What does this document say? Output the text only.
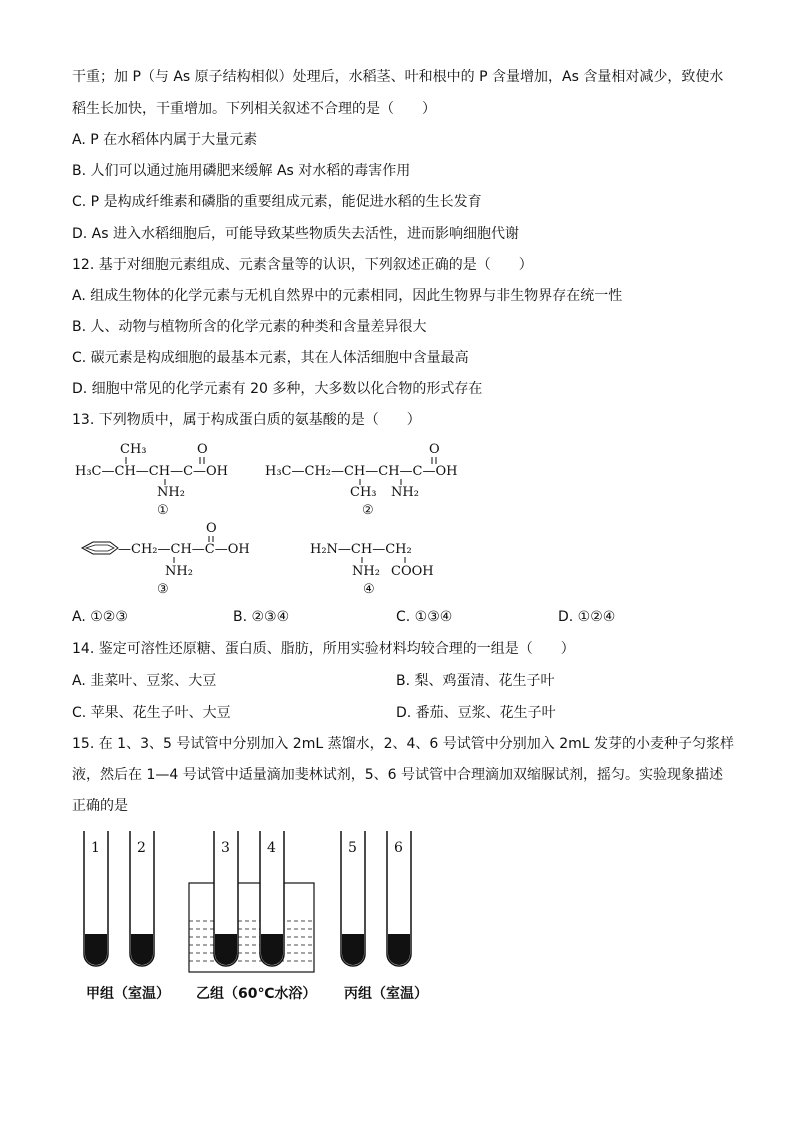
干重；加 P（与 As 原子结构相似）处理后，水稻茎、叶和根中的 P 含量增加，As 含量相对减少，致使水
稻生长加快，干重增加。下列相关叙述不合理的是（　　）
A. P 在水稻体内属于大量元素
B. 人们可以通过施用磷肥来缓解 As 对水稻的毒害作用
C. P 是构成纤维素和磷脂的重要组成元素，能促进水稻的生长发育
D. As 进入水稻细胞后，可能导致某些物质失去活性，进而影响细胞代谢
12. 基于对细胞元素组成、元素含量等的认识，下列叙述正确的是（　　）
A. 组成生物体的化学元素与无机自然界中的元素相同，因此生物界与非生物界存在统一性
B. 人、动物与植物所含的化学元素的种类和含量差异很大
C. 碳元素是构成细胞的最基本元素，其在人体活细胞中含量最高
D. 细胞中常见的化学元素有 20 多种，大多数以化合物的形式存在
13. 下列物质中，属于构成蛋白质的氨基酸的是（　　）
CH₃	O
H₃C—CH—CH—C—OH
NH₂
①
O
H₃C—CH₂—CH—CH—C—OH
CH₃ NH₂
②
O
—CH₂—CH—C—OH
NH₂
③
H₂N—CH—CH₂
NH₂ COOH
④
A. ①②③	B. ②③④	C. ①③④	D. ①②④
14. 鉴定可溶性还原糖、蛋白质、脂肪，所用实验材料均较合理的一组是（　　）
A. 韭菜叶、豆浆、大豆	B. 梨、鸡蛋清、花生子叶
C. 苹果、花生子叶、大豆	D. 番茄、豆浆、花生子叶
15. 在 1、3、5 号试管中分别加入 2mL 蒸馏水，2、4、6 号试管中分别加入 2mL 发芽的小麦种子匀浆样
液，然后在 1—4 号试管中适量滴加斐林试剂，5、6 号试管中合理滴加双缩脲试剂，摇匀。实验现象描述
正确的是
1	2	3	4	5	6
甲组（室温） 乙组（60℃水浴） 丙组（室温）
